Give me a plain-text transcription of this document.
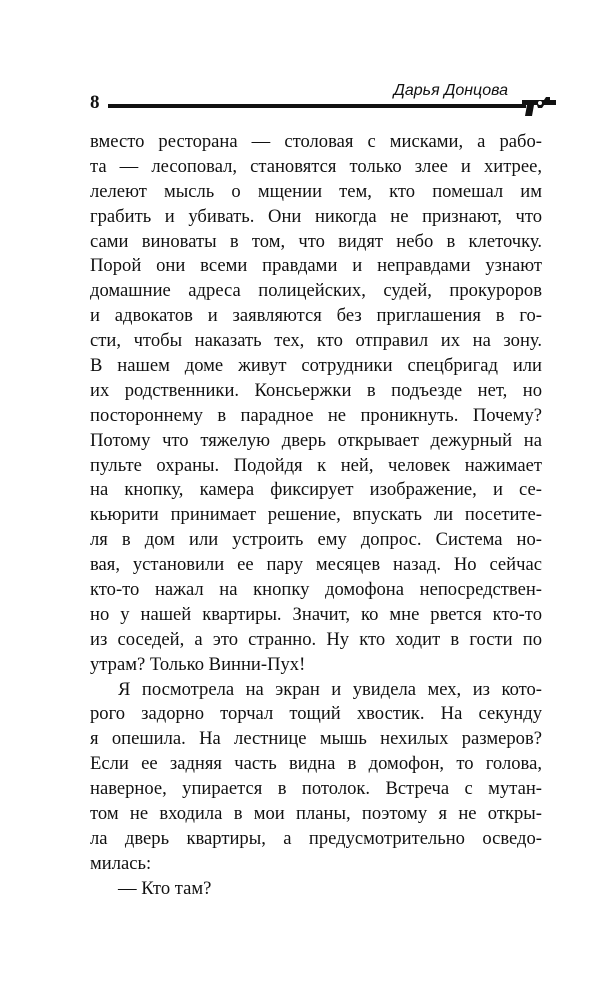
8
Дарья Донцова
вместо ресторана — столовая с мисками, а рабо-
та — лесоповал, становятся только злее и хитрее,
лелеют мысль о мщении тем, кто помешал им
грабить и убивать. Они никогда не признают, что
сами виноваты в том, что видят небо в клеточку.
Порой они всеми правдами и неправдами узнают
домашние адреса полицейских, судей, прокуроров
и адвокатов и заявляются без приглашения в го-
сти, чтобы наказать тех, кто отправил их на зону.
В нашем доме живут сотрудники спецбригад или
их родственники. Консьержки в подъезде нет, но
постороннему в парадное не проникнуть. Почему?
Потому что тяжелую дверь открывает дежурный на
пульте охраны. Подойдя к ней, человек нажимает
на кнопку, камера фиксирует изображение, и се-
кьюрити принимает решение, впускать ли посетите-
ля в дом или устроить ему допрос. Система но-
вая, установили ее пару месяцев назад. Но сейчас
кто-то нажал на кнопку домофона непосредствен-
но у нашей квартиры. Значит, ко мне рвется кто-то
из соседей, а это странно. Ну кто ходит в гости по
утрам? Только Винни-Пух!
Я посмотрела на экран и увидела мех, из кото-
рого задорно торчал тощий хвостик. На секунду
я опешила. На лестнице мышь нехилых размеров?
Если ее задняя часть видна в домофон, то голова,
наверное, упирается в потолок. Встреча с мутан-
том не входила в мои планы, поэтому я не откры-
ла дверь квартиры, а предусмотрительно осведо-
милась:
— Кто там?
